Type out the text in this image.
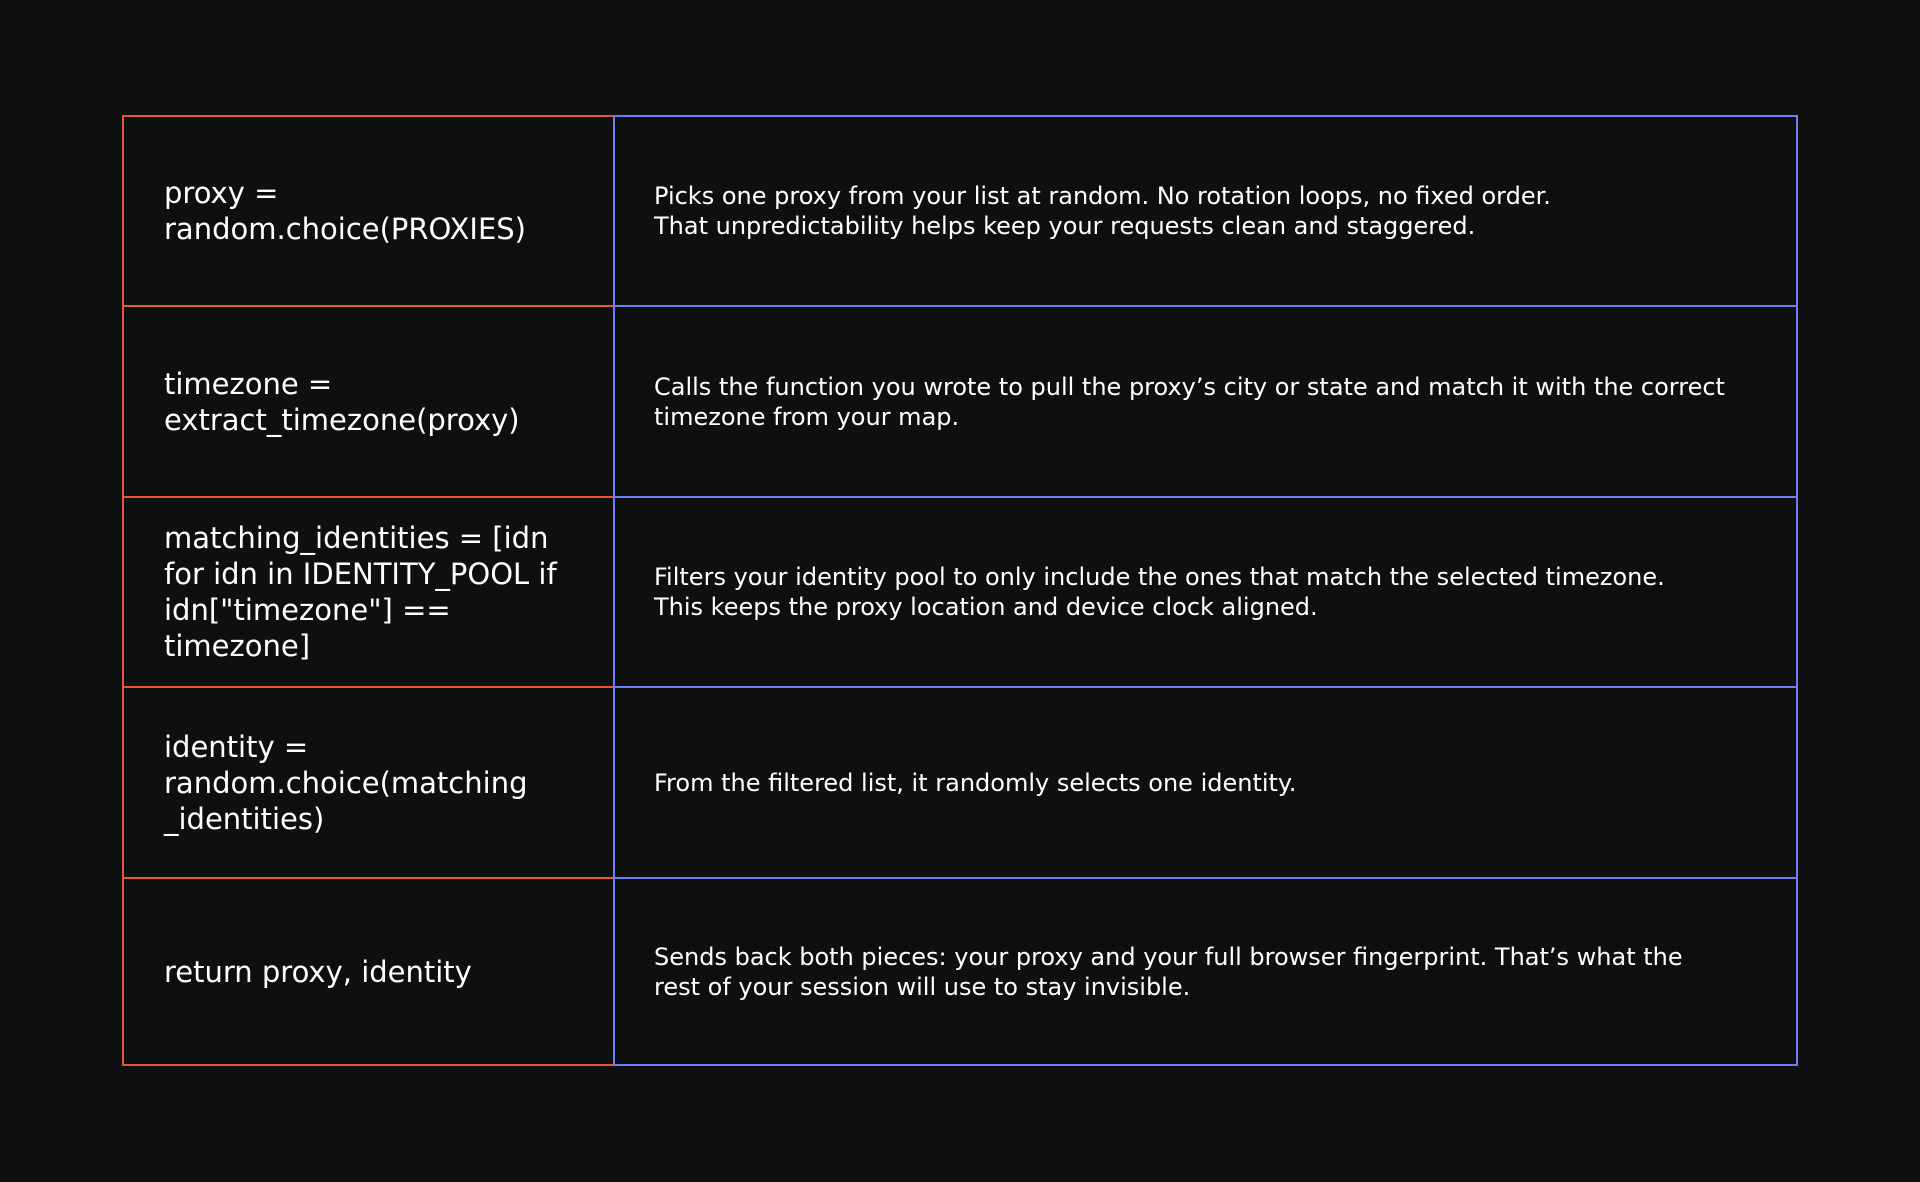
proxy =
random.choice(PROXIES)
Picks one proxy from your list at random. No rotation loops, no fixed order.
That unpredictability helps keep your requests clean and staggered.
timezone =
extract_timezone(proxy)
Calls the function you wrote to pull the proxy’s city or state and match it with the correct
timezone from your map.
matching_identities = [idn
for idn in IDENTITY_POOL if
idn["timezone"] ==
timezone]
Filters your identity pool to only include the ones that match the selected timezone.
This keeps the proxy location and device clock aligned.
identity =
random.choice(matching
_identities)
From the filtered list, it randomly selects one identity.
return proxy, identity	Sends back both pieces: your proxy and your full browser fingerprint. That’s what the
rest of your session will use to stay invisible.
